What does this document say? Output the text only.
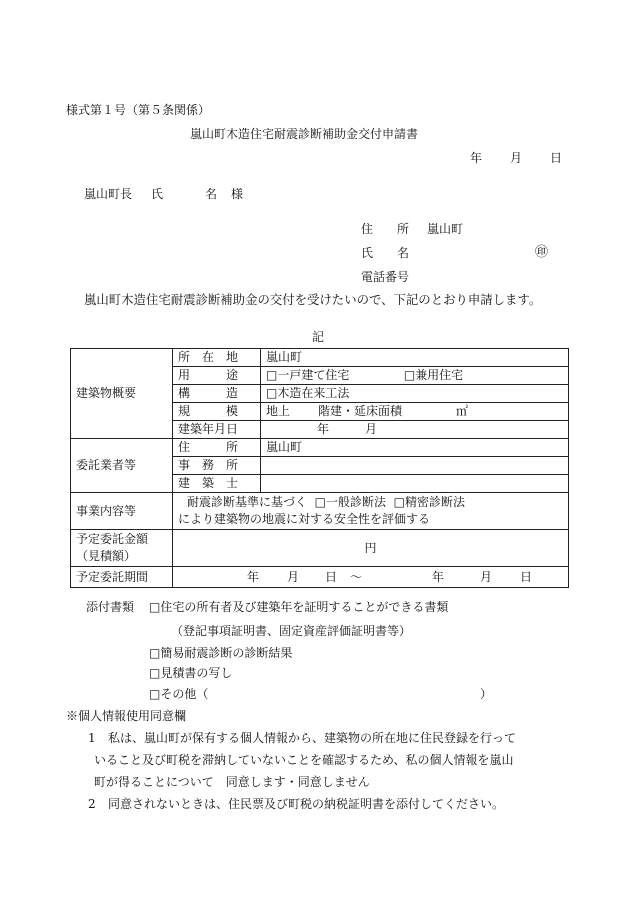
様式第１号（第５条関係）
嵐山町木造住宅耐震診断補助金交付申請書
年 月 日
嵐山町長 氏	名 様
住　　所 嵐山町
氏　　名	㊞
電話番号
嵐山町木造住宅耐震診断補助金の交付を受けたいので、下記のとおり申請します。
記
建築物概要	所　在　地	嵐山町
	用　　　途	□一戸建て住宅 □ 兼用住宅
	構　　　造	□木造在来工法
	規　　　模	地上 階建・延床面積 ㎡
	建築年月日	年 月
委託業者等	住　　　所	嵐山町
	事　務　所	
	建　築　士	
事業内容等	耐震診断基準に基づく □ 一般診断法 □ 精密診断法
により建築物の地震に対する安全性を評価する

予定委託金額
（見積額）	円	
予定委託期間	年 月 日 ～ 年 月 日	
添付書類 □	住宅の所有者及び建築年を証明することができる書類
（登記事項証明書、固定資産評価証明書等）
□ 簡易耐震診断の診断結果
□ 見積書の写し
□ その他（	）
※個人情報使用同意欄
1 私は、嵐山町が保有する個人情報から、建築物の所在地に住民登録を行って
いること及び町税を滞納していないことを確認するため、私の個人情報を嵐山
町が得ることについて　同意します・同意しません
2 同意されないときは、住民票及び町税の納税証明書を添付してください。
